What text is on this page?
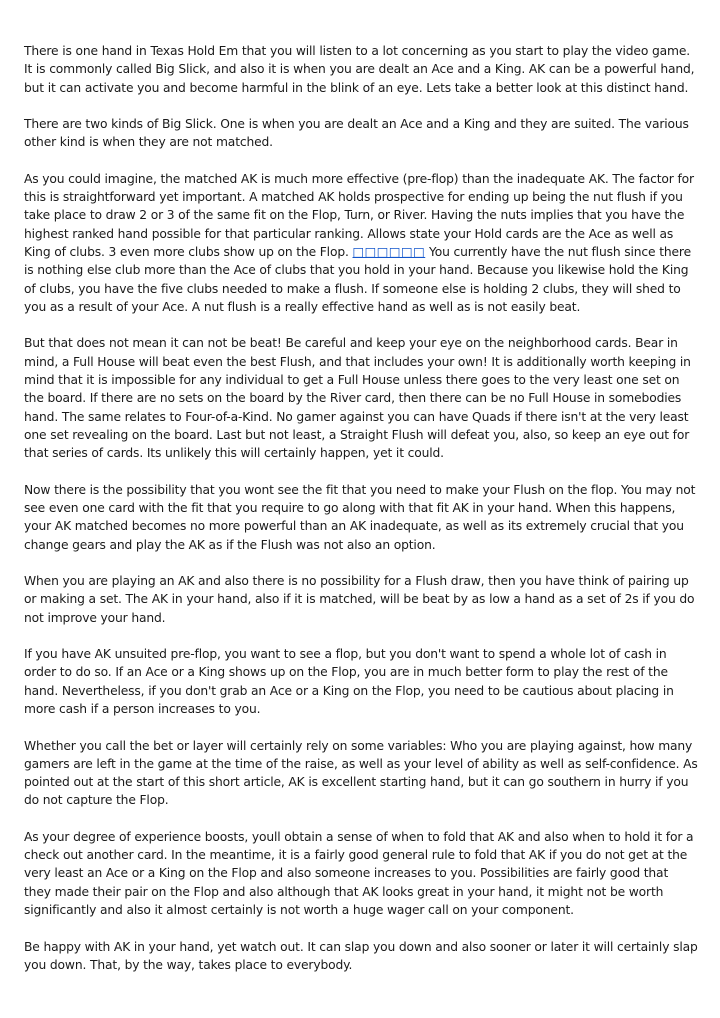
There is one hand in Texas Hold Em that you will listen to a lot concerning as you start to play the video game. It is commonly called Big Slick, and also it is when you are dealt an Ace and a King. AK can be a powerful hand, but it can activate you and become harmful in the blink of an eye. Lets take a better look at this distinct hand.

There are two kinds of Big Slick. One is when you are dealt an Ace and a King and they are suited. The various other kind is when they are not matched.

As you could imagine, the matched AK is much more effective (pre-flop) than the inadequate AK. The factor for this is straightforward yet important. A matched AK holds prospective for ending up being the nut flush if you take place to draw 2 or 3 of the same fit on the Flop, Turn, or River. Having the nuts implies that you have the highest ranked hand possible for that particular ranking. Allows state your Hold cards are the Ace as well as King of clubs. 3 even more clubs show up on the Flop. □□□□□□ You currently have the nut flush since there is nothing else club more than the Ace of clubs that you hold in your hand. Because you likewise hold the King of clubs, you have the five clubs needed to make a flush. If someone else is holding 2 clubs, they will shed to you as a result of your Ace. A nut flush is a really effective hand as well as is not easily beat.

But that does not mean it can not be beat! Be careful and keep your eye on the neighborhood cards. Bear in mind, a Full House will beat even the best Flush, and that includes your own! It is additionally worth keeping in mind that it is impossible for any individual to get a Full House unless there goes to the very least one set on the board. If there are no sets on the board by the River card, then there can be no Full House in somebodies hand. The same relates to Four-of-a-Kind. No gamer against you can have Quads if there isn't at the very least one set revealing on the board. Last but not least, a Straight Flush will defeat you, also, so keep an eye out for that series of cards. Its unlikely this will certainly happen, yet it could.

Now there is the possibility that you wont see the fit that you need to make your Flush on the flop. You may not see even one card with the fit that you require to go along with that fit AK in your hand. When this happens, your AK matched becomes no more powerful than an AK inadequate, as well as its extremely crucial that you change gears and play the AK as if the Flush was not also an option.

When you are playing an AK and also there is no possibility for a Flush draw, then you have think of pairing up or making a set. The AK in your hand, also if it is matched, will be beat by as low a hand as a set of 2s if you do not improve your hand.

If you have AK unsuited pre-flop, you want to see a flop, but you don't want to spend a whole lot of cash in order to do so. If an Ace or a King shows up on the Flop, you are in much better form to play the rest of the hand. Nevertheless, if you don't grab an Ace or a King on the Flop, you need to be cautious about placing in more cash if a person increases to you.

Whether you call the bet or layer will certainly rely on some variables: Who you are playing against, how many gamers are left in the game at the time of the raise, as well as your level of ability as well as self-confidence. As pointed out at the start of this short article, AK is excellent starting hand, but it can go southern in hurry if you do not capture the Flop.

As your degree of experience boosts, youll obtain a sense of when to fold that AK and also when to hold it for a check out another card. In the meantime, it is a fairly good general rule to fold that AK if you do not get at the very least an Ace or a King on the Flop and also someone increases to you. Possibilities are fairly good that they made their pair on the Flop and also although that AK looks great in your hand, it might not be worth significantly and also it almost certainly is not worth a huge wager call on your component.

Be happy with AK in your hand, yet watch out. It can slap you down and also sooner or later it will certainly slap you down. That, by the way, takes place to everybody.
